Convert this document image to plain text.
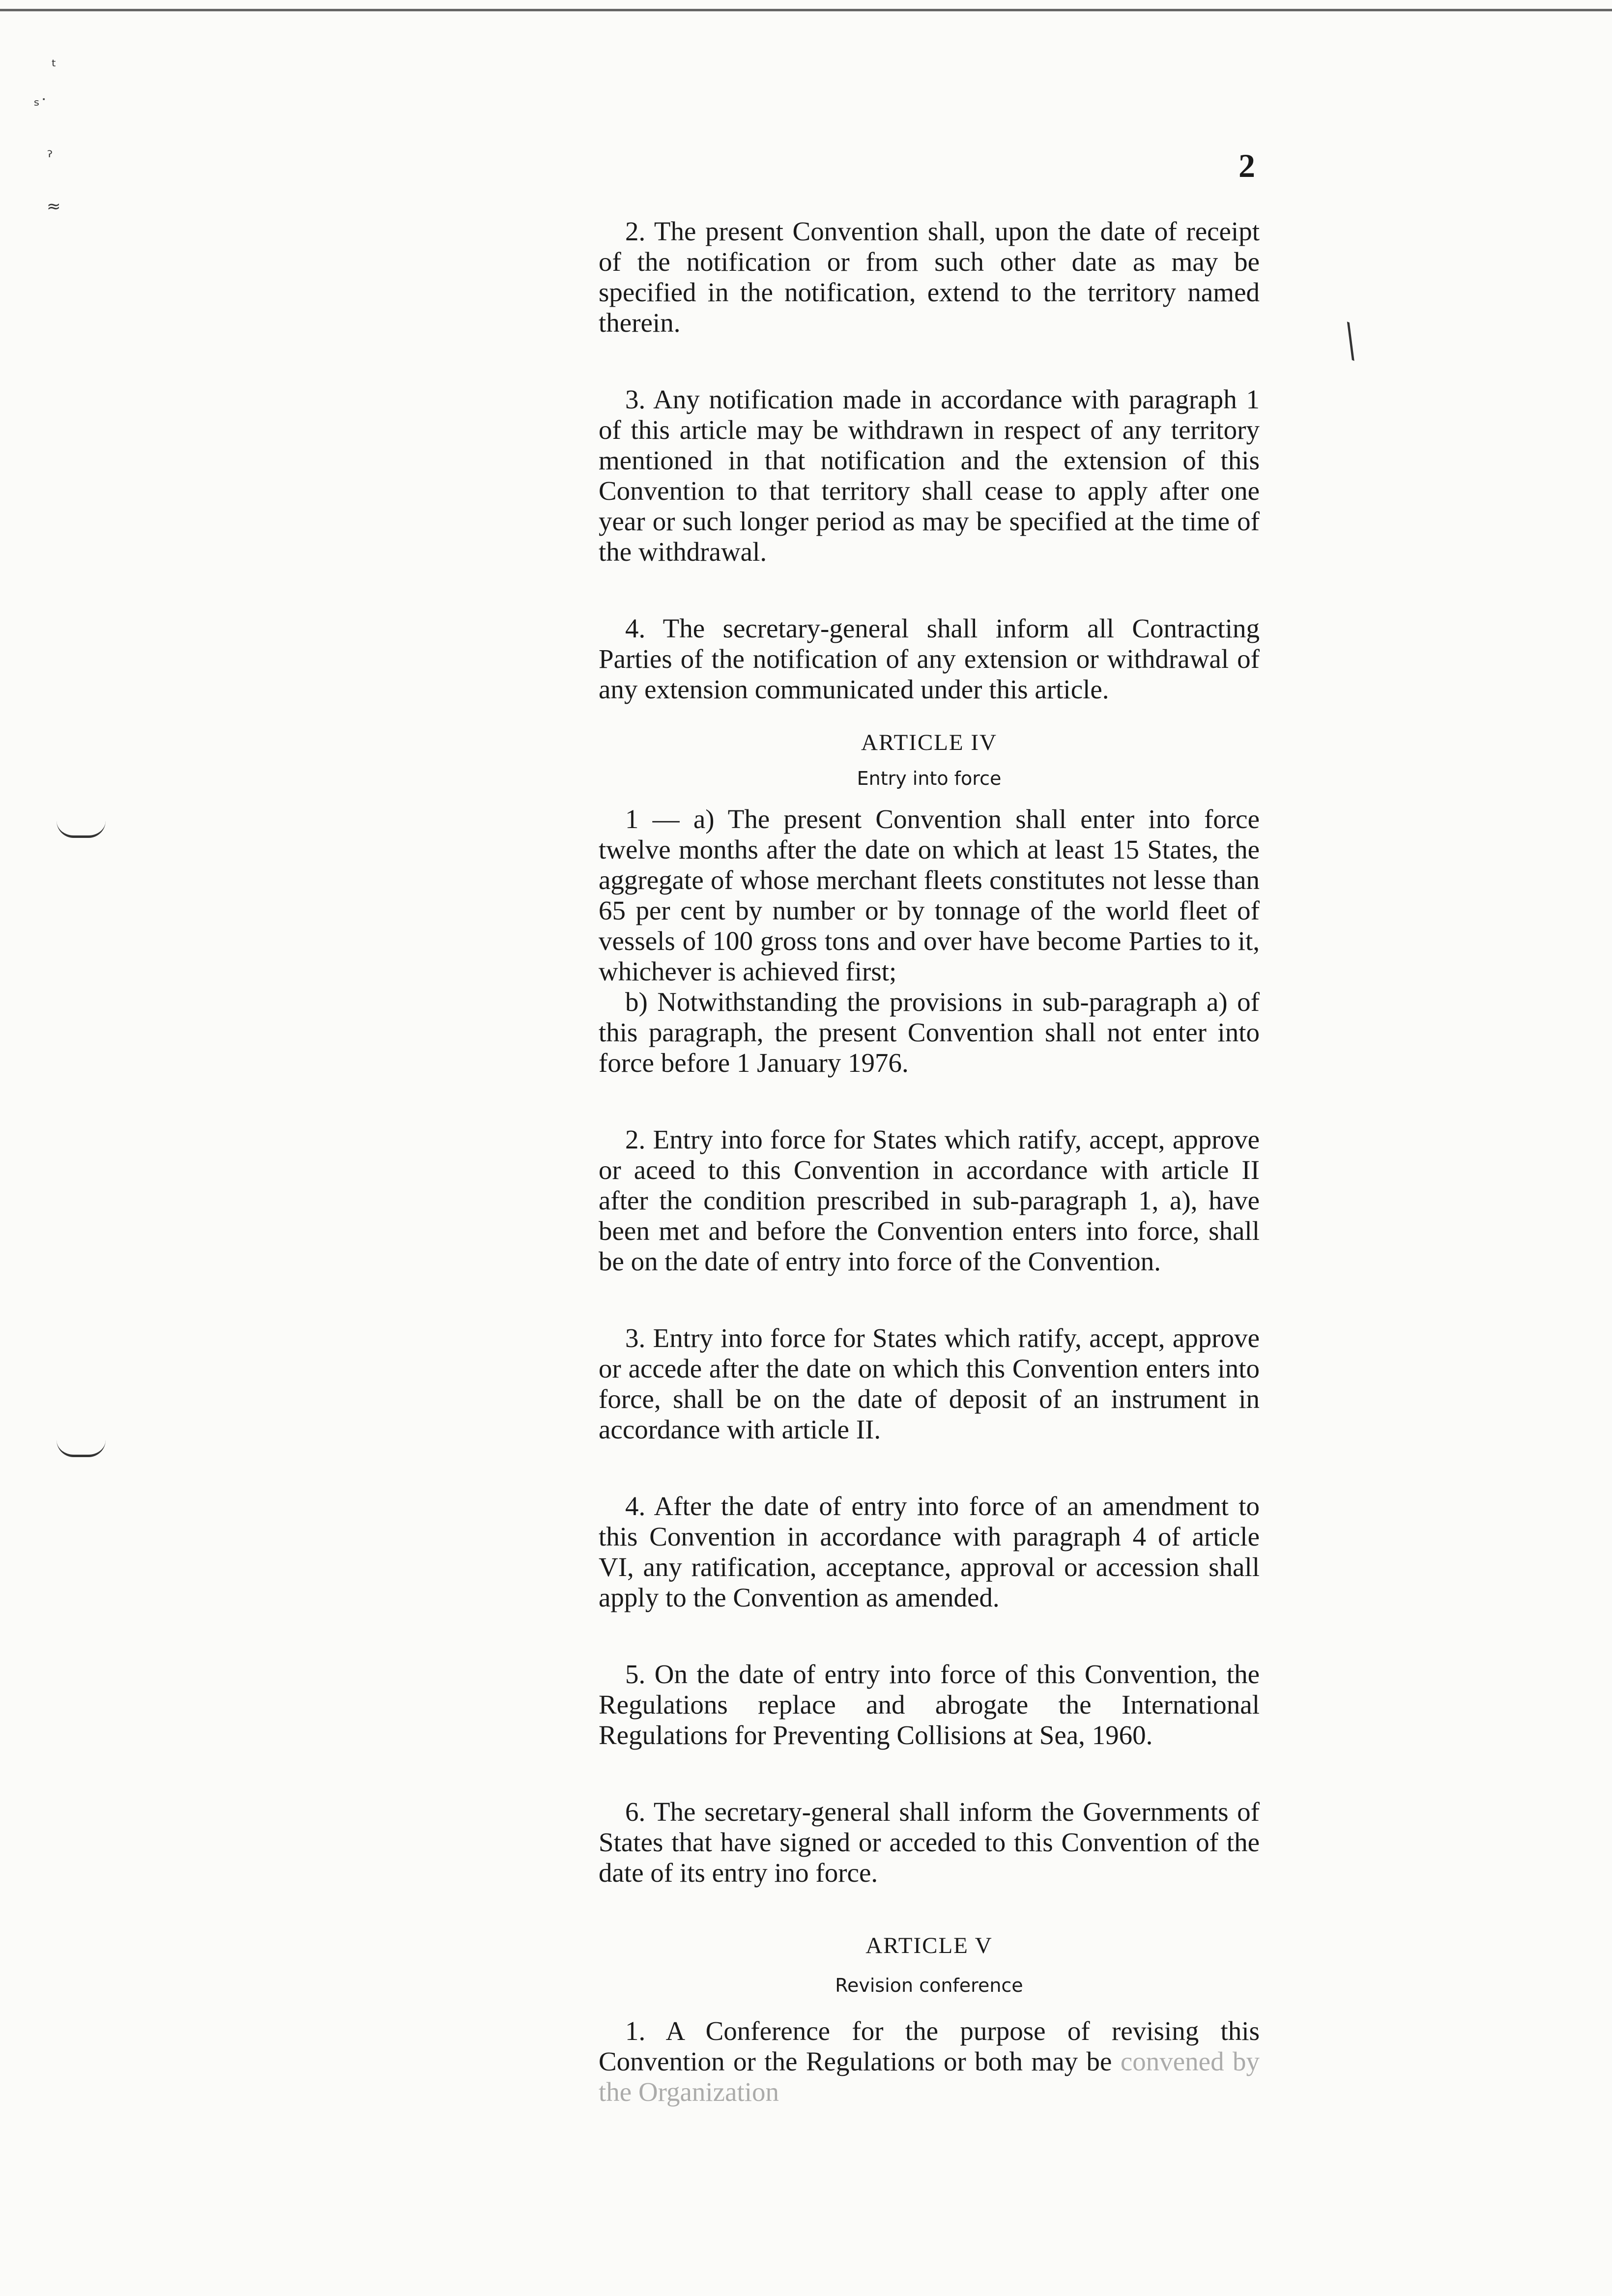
ᵗ
ˢ˙
ˀ
≈
╲
2

2. The present Convention shall, upon the date of receipt of the notification or from such other date as may be specified in the notification, extend to the territory named therein.

3. Any notification made in accordance with paragraph 1 of this article may be withdrawn in respect of any territory mentioned in that notification and the extension of this Convention to that territory shall cease to apply after one year or such longer period as may be specified at the time of the withdrawal.

4. The secretary-general shall inform all Contracting Parties of the notification of any extension or withdrawal of any extension communicated under this article.

ARTICLE IV

Entry into force

1 — a) The present Convention shall enter into force twelve months after the date on which at least 15 States, the aggregate of whose merchant fleets constitutes not lesse than 65 per cent by number or by tonnage of the world fleet of vessels of 100 gross tons and over have become Parties to it, whichever is achieved first;

b) Notwithstanding the provisions in sub-paragraph a) of this paragraph, the present Convention shall not enter into force before 1 January 1976.

2. Entry into force for States which ratify, accept, approve or aceed to this Convention in accordance with article II after the condition prescribed in sub-paragraph 1, a), have been met and before the Convention enters into force, shall be on the date of entry into force of the Convention.

3. Entry into force for States which ratify, accept, approve or accede after the date on which this Convention enters into force, shall be on the date of deposit of an instrument in accordance with article II.

4. After the date of entry into force of an amendment to this Convention in accordance with paragraph 4 of article VI, any ratification, acceptance, approval or accession shall apply to the Convention as amended.

5. On the date of entry into force of this Convention, the Regulations replace and abrogate the International Regulations for Preventing Collisions at Sea, 1960.

6. The secretary-general shall inform the Governments of States that have signed or acceded to this Convention of the date of its entry ino force.

ARTICLE V

Revision conference

1. A Conference for the purpose of revising this Convention or the Regulations or both may be convened by the Organization
